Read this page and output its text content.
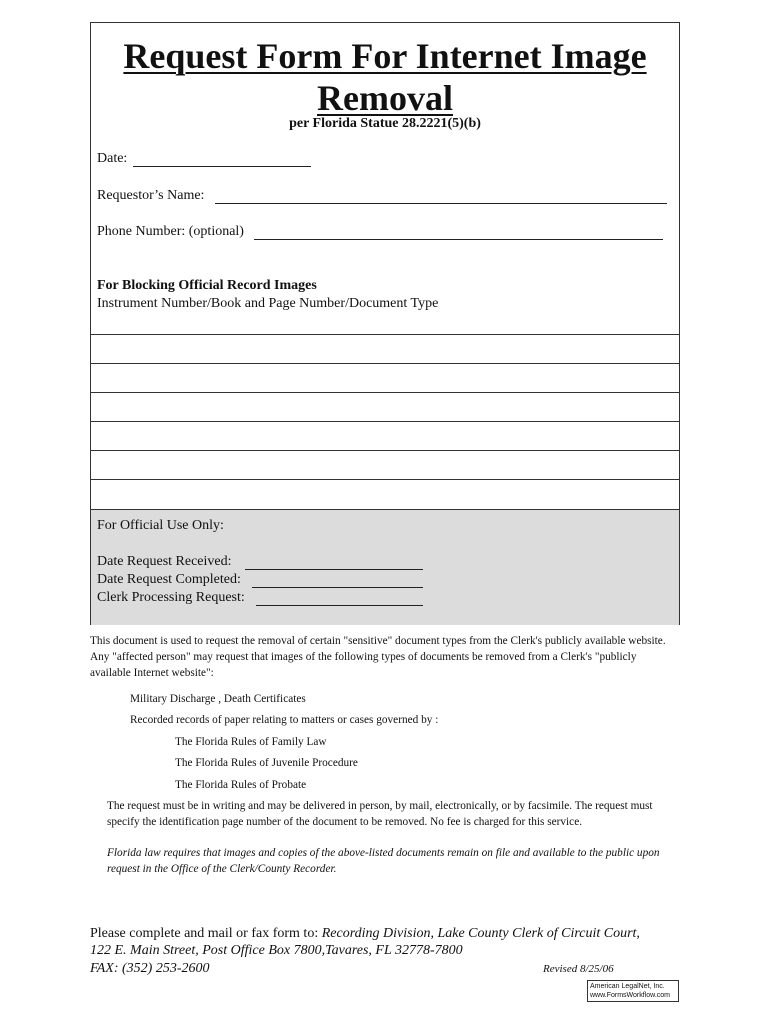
Request Form For Internet Image
Removal
per Florida Statue 28.2221(5)(b)
Date:
Requestor’s Name:
Phone Number: (optional)
For Blocking Official Record Images
Instrument Number/Book and Page Number/Document Type
For Official Use Only:
Date Request Received:
Date Request Completed:
Clerk Processing Request:
This document is used to request the removal of certain "sensitive" document types from the Clerk's publicly available website. Any "affected person" may request that images of the following types of documents be removed from a Clerk's "publicly available Internet website":
Military Discharge , Death Certificates
Recorded records of paper relating to matters or cases governed by :
The Florida Rules of Family Law
The Florida Rules of Juvenile Procedure
The Florida Rules of Probate
The request must be in writing and may be delivered in person, by mail, electronically, or by facsimile. The request must specify the identification page number of the document to be removed. No fee is charged for this service.
Florida law requires that images and copies of the above-listed documents remain on file and available to the public upon request in the Office of the Clerk/County Recorder.
Please complete and mail or fax form to: Recording Division, Lake County Clerk of Circuit Court,
122 E. Main Street, Post Office Box 7800,Tavares, FL 32778-7800
FAX: (352) 253-2600	Revised 8/25/06
American LegalNet, Inc.
www.FormsWorkflow.com
